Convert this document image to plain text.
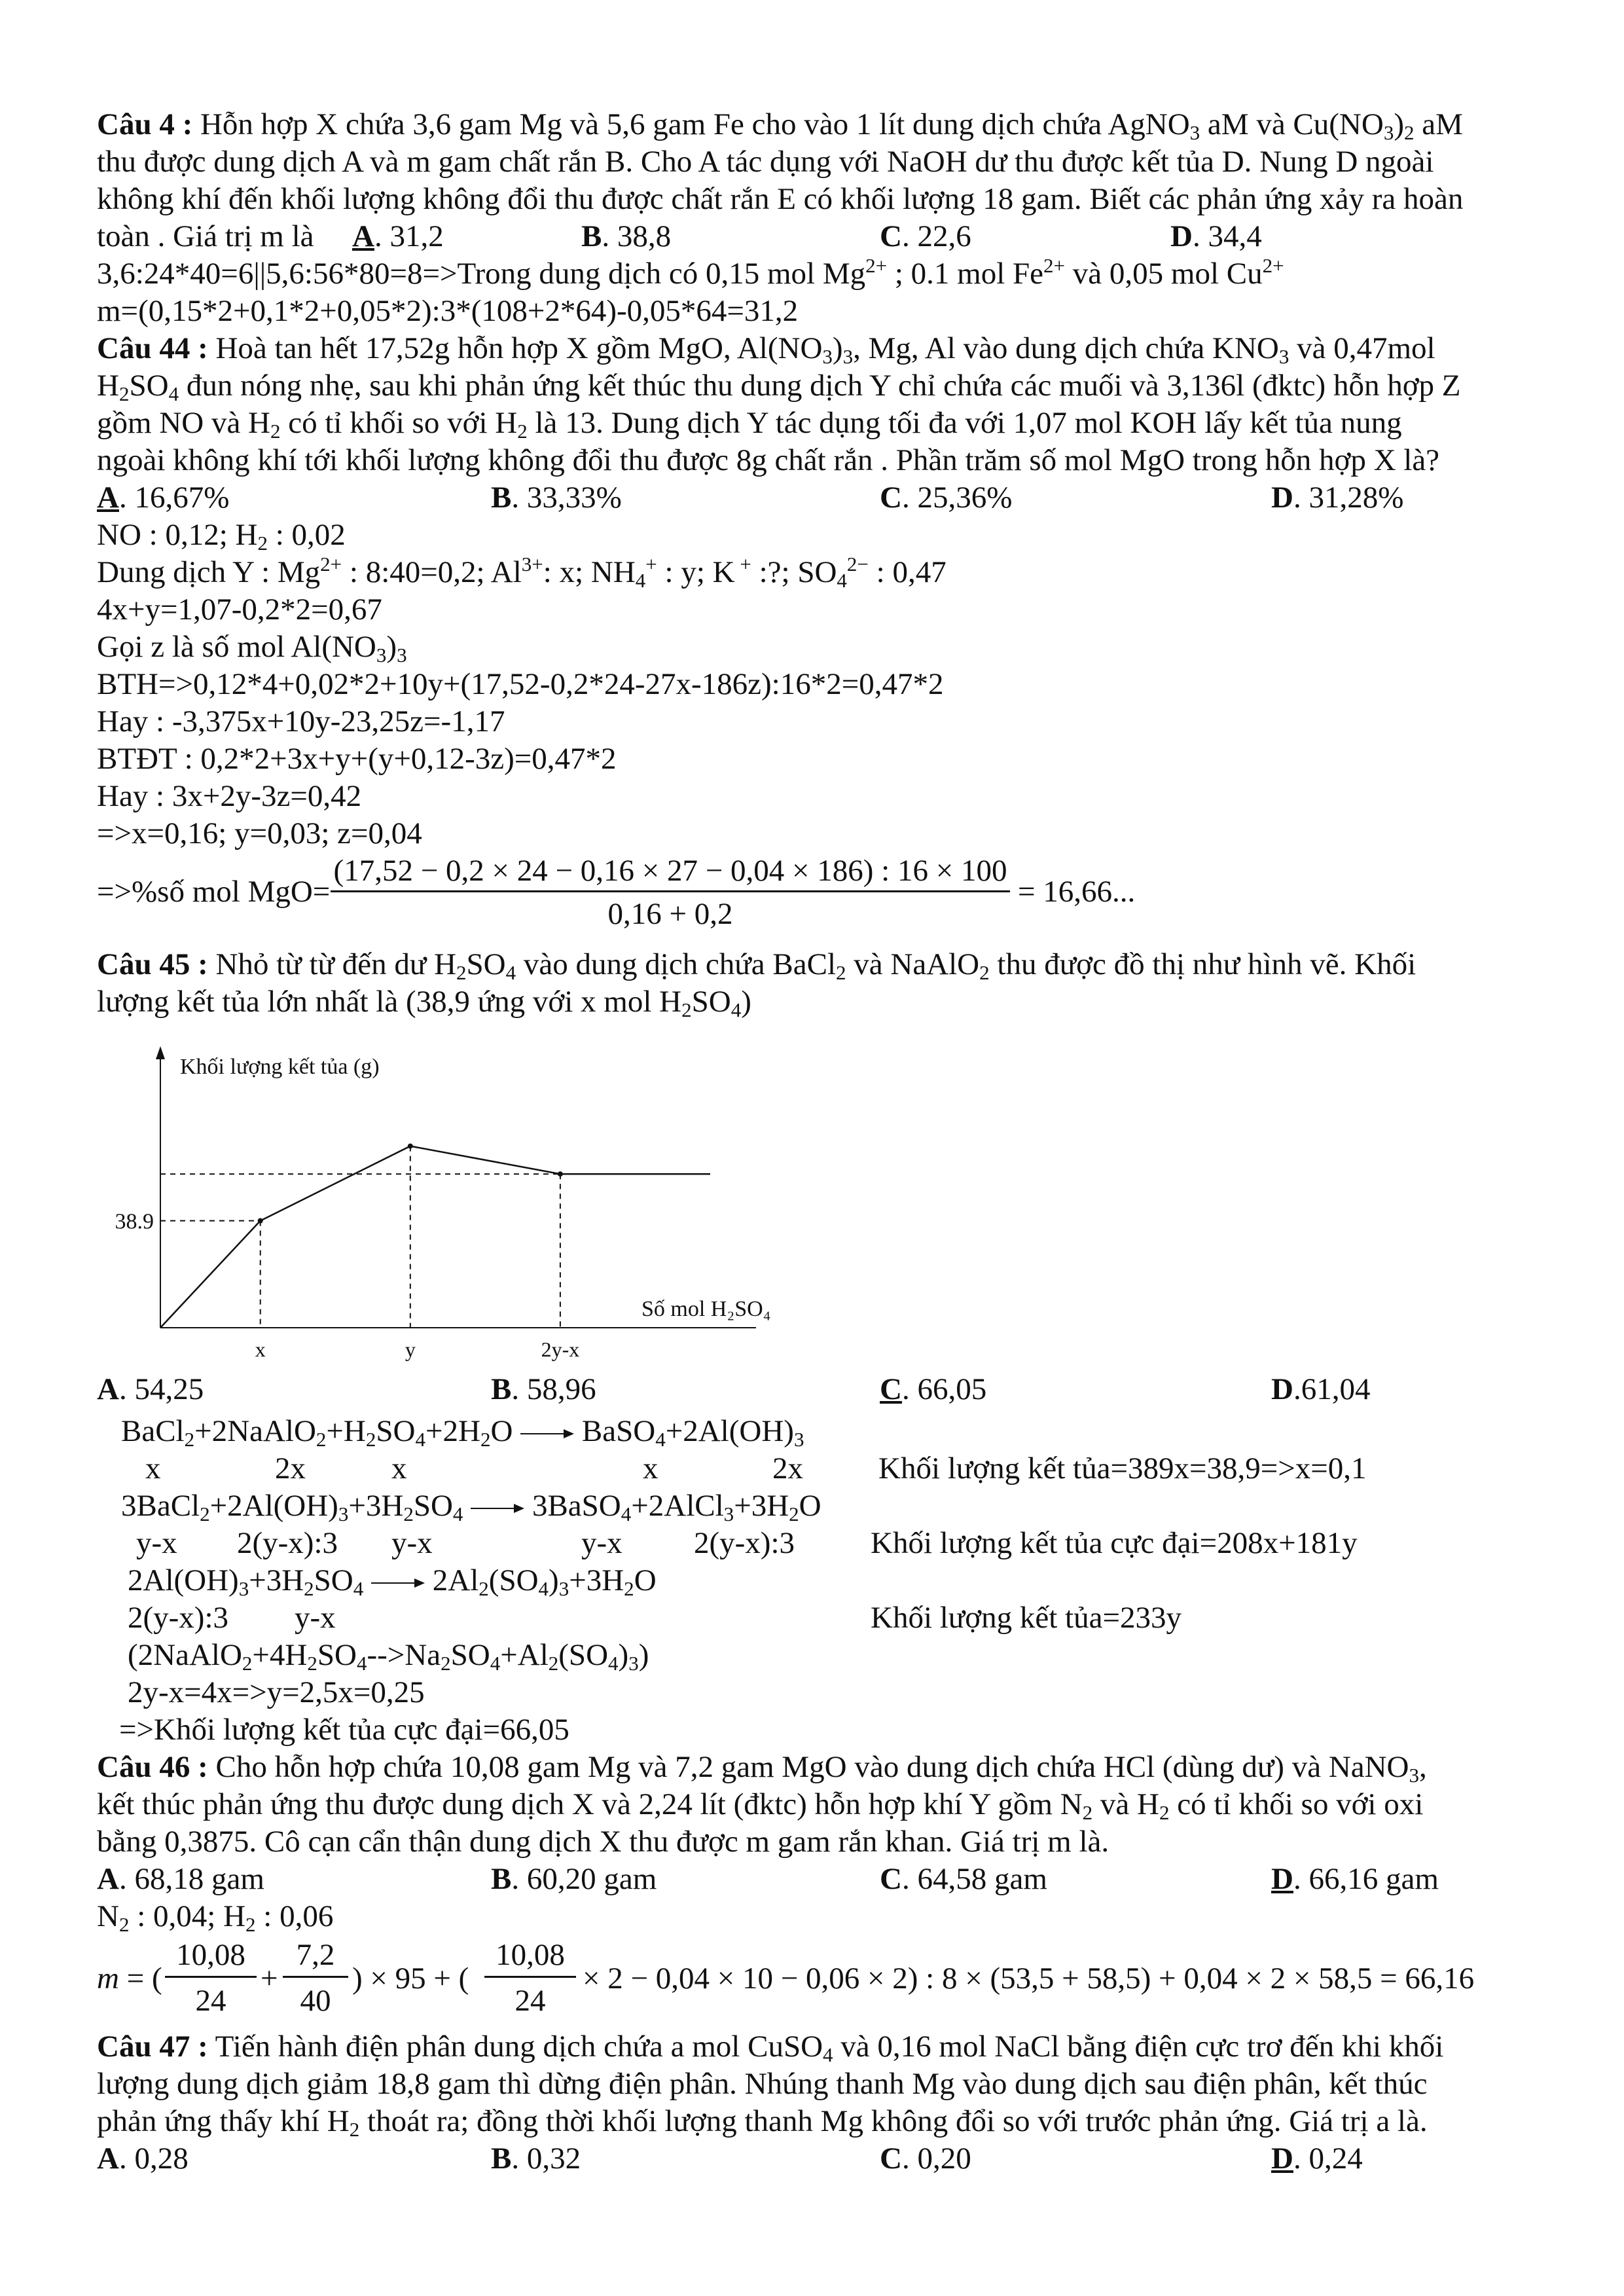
Câu 4 : Hỗn hợp X chứa 3,6 gam Mg và 5,6 gam Fe cho vào 1 lít dung dịch chứa AgNO$_3$ aM và $Cu(NO_3)_2$ aM
thu được dung dịch A và m gam chất rắn B. Cho A tác dụng với NaOH dư thu được kết tủa D. Nung D ngoài
không khí đến khối lượng không đổi thu được chất rắn E có khối lượng 18 gam. Biết các phản ứng xảy ra hoàn
toàn . Giá trị m là A. 31,2	B. 38,8	C. 22,6	D. 34,4
3,6:24*40=6||5,6:56*80=8=>Trong dung dịch có 0,15 mol $Mg^{2+}$ ; 0.1 mol $Fe^{2+}$ và 0,05 mol $Cu^{2+}$
m=(0,15*2+0,1*2+0,05*2):3*(108+2*64)-0,05*64=31,2
Câu 44 : Hoà tan hết 17,52g hỗn hợp X gồm MgO, $Al(NO_3)_3$, Mg, Al vào dung dịch chứa $KNO_3$ và 0,47mol
$H_2SO_4$ đun nóng nhẹ, sau khi phản ứng kết thúc thu dung dịch Y chỉ chứa các muối và 3,136l (đktc) hỗn hợp Z
gồm NO và $H_2$ có tỉ khối so với $H_2$ là 13. Dung dịch Y tác dụng tối đa với 1,07 mol KOH lấy kết tủa nung
ngoài không khí tới khối lượng không đổi thu được 8g chất rắn . Phần trăm số mol MgO trong hỗn hợp X là?
A. 16,67%	B. 33,33%	C. 25,36%	D. 31,28%
NO : 0,12; $H_2$ : 0,02
Dung dịch Y : $Mg^{2+}$ : 8:40=0,2; $Al^{3+}$: x; $NH_4^+$ : y; K + :?; $SO_4^{2-}$ : 0,47
4x+y=1,07-0,2*2=0,67
Gọi z là số mol $Al(NO_3)_3$
BTH=>0,12*4+0,02*2+10y+(17,52-0,2*24-27x-186z):16*2=0,47*2
Hay : -3,375x+10y-23,25z=-1,17
BTĐT : 0,2*2+3x+y+(y+0,12-3z)=0,47*2
Hay : 3x+2y-3z=0,42
=>x=0,16; y=0,03; z=0,04
=>%số mol MgO=
(17,52 − 0,2 × 24 − 0,16 × 27 − 0,04 × 186) : 16 × 100
0,16 + 0,2
= 16,66...
Câu 45 : Nhỏ từ từ đến dư $H_2SO_4$ vào dung dịch chứa BaCl$_2$ và NaAlO$_2$ thu được đồ thị như hình vẽ. Khối
lượng kết tủa lớn nhất là (38,9 ứng với x mol $H_2SO_4$)
Khối lượng kết tủa (g)
Số mol H₂SO₄
38.9
x	y	2y-x
A. 54,25	B. 58,96	C. 66,05	D.61,04
$BaCl_2+2NaAlO_2+H_2SO_4+2H_2O$  $BaSO_4+2Al(OH)_3$
x	2x	x	x	2x Khối lượng kết tủa=389x=38,9=>x=0,1
$3BaCl_2+2Al(OH)_3+3H_2SO_4$  $3BaSO_4+2AlCl_3+3H_2O$
y-x 2(y-x):3 y-x	y-x 2(y-x):3 Khối lượng kết tủa cực đại=208x+181y
$2Al(OH)_3+3H_2SO_4$  $2Al_2(SO_4)_3+3H_2O$
2(y-x):3 y-x	Khối lượng kết tủa=233y
$(2NaAlO_2+4H_2SO_4-->Na_2SO_4+Al_2(SO_4)_3)$
2y-x=4x=>y=2,5x=0,25
=>Khối lượng kết tủa cực đại=66,05
Câu 46 : Cho hỗn hợp chứa 10,08 gam Mg và 7,2 gam MgO vào dung dịch chứa HCl (dùng dư) và NaNO$_3$,
kết thúc phản ứng thu được dung dịch X và 2,24 lít (đktc) hỗn hợp khí Y gồm $N_2$ và $H_2$ có tỉ khối so với oxi
bằng 0,3875. Cô cạn cẩn thận dung dịch X thu được m gam rắn khan. Giá trị m là.
A. 68,18 gam	B. 60,20 gam	C. 64,58 gam	D. 66,16 gam
$N_2$ : 0,04; $H_2$ : 0,06
m = (
10,08
24
+
7,2
40
) × 95 + (
10,08
24
× 2 − 0,04 × 10 − 0,06 × 2) : 8 × (53,5 + 58,5) + 0,04 × 2 × 58,5 = 66,16
Câu 47 : Tiến hành điện phân dung dịch chứa a mol CuSO$_4$ và 0,16 mol NaCl bằng điện cực trơ đến khi khối
lượng dung dịch giảm 18,8 gam thì dừng điện phân. Nhúng thanh Mg vào dung dịch sau điện phân, kết thúc
phản ứng thấy khí $H_2$ thoát ra; đồng thời khối lượng thanh Mg không đổi so với trước phản ứng. Giá trị a là.
A. 0,28	B. 0,32	C. 0,20	D. 0,24
